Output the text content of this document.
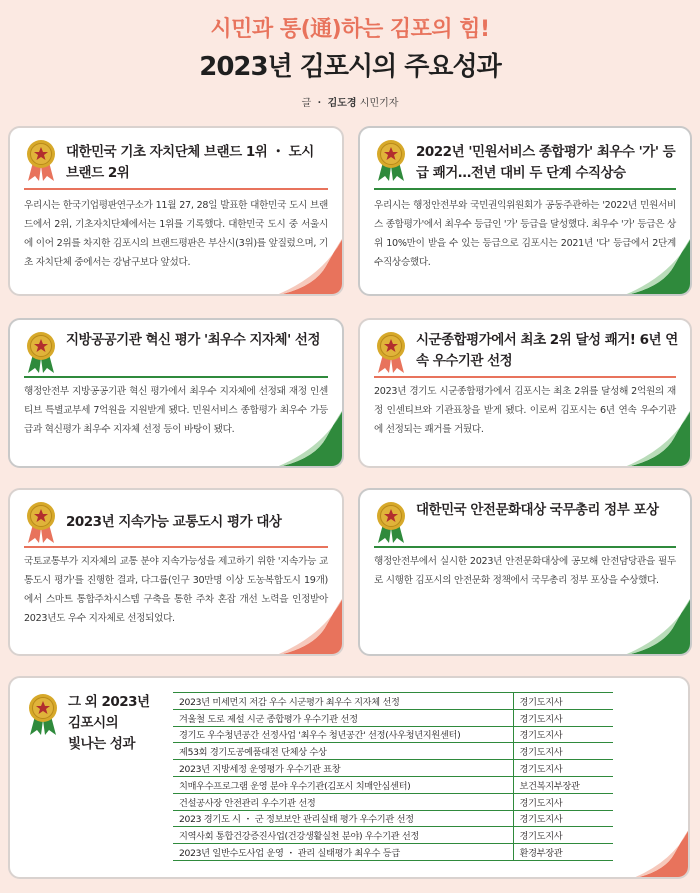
시민과 통(通)하는 김포의 힘!
2023년 김포시의 주요성과
글 ・ 김도경 시민기자
대한민국 기초 자치단체 브랜드 1위 ・ 도시 브랜드 2위
우리시는 한국기업평판연구소가 11월 27, 28일 발표한 대한민국 도시 브랜드에서 2위, 기초자치단체에서는 1위를 기록했다. 대한민국 도시 중 서울시에 이어 2위를 차지한 김포시의 브랜드평판은 부산시(3위)를 앞질렀으며, 기초 자치단체 중에서는 강남구보다 앞섰다.
2022년 '민원서비스 종합평가' 최우수 '가' 등급 쾌거…전년 대비 두 단계 수직상승
우리시는 행정안전부와 국민권익위원회가 공동주관하는 '2022년 민원서비스 종합평가'에서 최우수 등급인 '가' 등급을 달성했다. 최우수 '가' 등급은 상위 10%만이 받을 수 있는 등급으로 김포시는 2021년 '다' 등급에서 2단계 수직상승했다.
지방공공기관 혁신 평가 '최우수 지자체' 선정
행정안전부 지방공공기관 혁신 평가에서 최우수 지자체에 선정돼 재정 인센티브 특별교부세 7억원을 지원받게 됐다. 민원서비스 종합평가 최우수 가등급과 혁신평가 최우수 지자체 선정 등이 바탕이 됐다.
시군종합평가에서 최초 2위 달성 쾌거! 6년 연속 우수기관 선정
2023년 경기도 시군종합평가에서 김포시는 최초 2위를 달성해 2억원의 재정 인센티브와 기관표창을 받게 됐다. 이로써 김포시는 6년 연속 우수기관에 선정되는 쾌거를 거뒀다.
2023년 지속가능 교통도시 평가 대상
국토교통부가 지자체의 교통 분야 지속가능성을 제고하기 위한 '지속가능 교통도시 평가'를 진행한 결과, 다그룹(인구 30만명 이상 도농복합도시 19개)에서 스마트 통합주차시스템 구축을 통한 주차 혼잡 개선 노력을 인정받아 2023년도 우수 지자체로 선정되었다.
대한민국 안전문화대상 국무총리 정부 포상
행정안전부에서 실시한 2023년 안전문화대상에 공모해 안전담당관을 필두로 시행한 김포시의 안전문화 정책에서 국무총리 정부 포상을 수상했다.
그 외 2023년
김포시의
빛나는 성과
2023년 미세먼지 저감 우수 시군평가 최우수 지자체 선정	경기도지사
겨울철 도로 제설 시군 종합평가 우수기관 선정	경기도지사
경기도 우수청년공간 선정사업 '최우수 청년공간' 선정(사우청년지원센터)	경기도지사
제53회 경기도공예품대전 단체상 수상	경기도지사
2023년 지방세정 운영평가 우수기관 표창	경기도지사
치매우수프로그램 운영 분야 우수기관(김포시 치매안심센터)	보건복지부장관
건설공사장 안전관리 우수기관 선정	경기도지사
2023 경기도 시 ・ 군 정보보안 관리실태 평가 우수기관 선정	경기도지사
지역사회 통합건강증진사업(건강생활실천 분야) 우수기관 선정	경기도지사
2023년 일반수도사업 운영 ・ 관리 실태평가 최우수 등급	환경부장관
